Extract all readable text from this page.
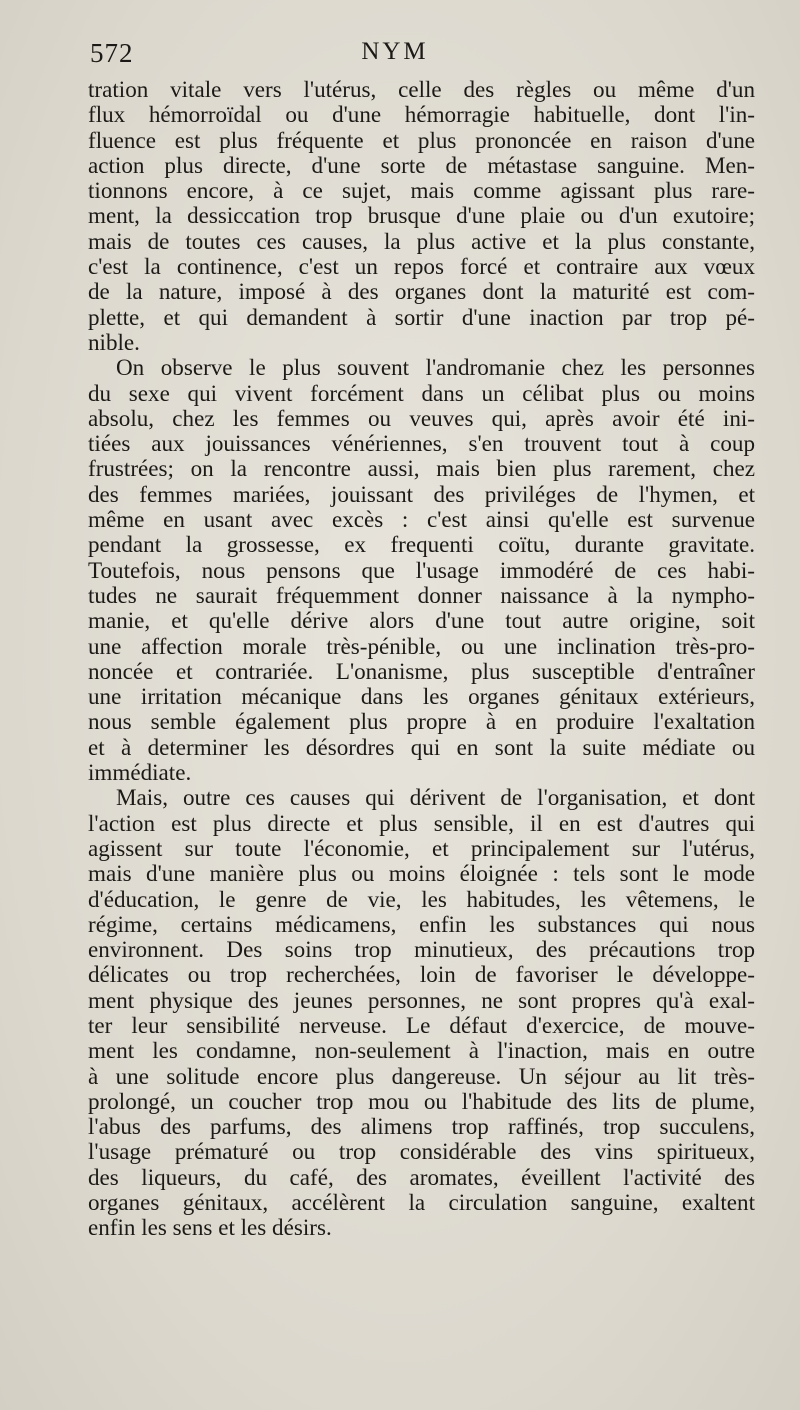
572	NYM
tration vitale vers l'utérus, celle des règles ou même d'un
flux hémorroïdal ou d'une hémorragie habituelle, dont l'in-
fluence est plus fréquente et plus prononcée en raison d'une
action plus directe, d'une sorte de métastase sanguine. Men-
tionnons encore, à ce sujet, mais comme agissant plus rare-
ment, la dessiccation trop brusque d'une plaie ou d'un exutoire;
mais de toutes ces causes, la plus active et la plus constante,
c'est la continence, c'est un repos forcé et contraire aux vœux
de la nature, imposé à des organes dont la maturité est com-
plette, et qui demandent à sortir d'une inaction par trop pé-
nible.
On observe le plus souvent l'andromanie chez les personnes
du sexe qui vivent forcément dans un célibat plus ou moins
absolu, chez les femmes ou veuves qui, après avoir été ini-
tiées aux jouissances vénériennes, s'en trouvent tout à coup
frustrées; on la rencontre aussi, mais bien plus rarement, chez
des femmes mariées, jouissant des priviléges de l'hymen, et
même en usant avec excès : c'est ainsi qu'elle est survenue
pendant la grossesse, ex frequenti coïtu, durante gravitate.
Toutefois, nous pensons que l'usage immodéré de ces habi-
tudes ne saurait fréquemment donner naissance à la nympho-
manie, et qu'elle dérive alors d'une tout autre origine, soit
une affection morale très-pénible, ou une inclination très-pro-
noncée et contrariée. L'onanisme, plus susceptible d'entraîner
une irritation mécanique dans les organes génitaux extérieurs,
nous semble également plus propre à en produire l'exaltation
et à determiner les désordres qui en sont la suite médiate ou
immédiate.
Mais, outre ces causes qui dérivent de l'organisation, et dont
l'action est plus directe et plus sensible, il en est d'autres qui
agissent sur toute l'économie, et principalement sur l'utérus,
mais d'une manière plus ou moins éloignée : tels sont le mode
d'éducation, le genre de vie, les habitudes, les vêtemens, le
régime, certains médicamens, enfin les substances qui nous
environnent. Des soins trop minutieux, des précautions trop
délicates ou trop recherchées, loin de favoriser le développe-
ment physique des jeunes personnes, ne sont propres qu'à exal-
ter leur sensibilité nerveuse. Le défaut d'exercice, de mouve-
ment les condamne, non-seulement à l'inaction, mais en outre
à une solitude encore plus dangereuse. Un séjour au lit très-
prolongé, un coucher trop mou ou l'habitude des lits de plume,
l'abus des parfums, des alimens trop raffinés, trop succulens,
l'usage prématuré ou trop considérable des vins spiritueux,
des liqueurs, du café, des aromates, éveillent l'activité des
organes génitaux, accélèrent la circulation sanguine, exaltent
enfin les sens et les désirs.
